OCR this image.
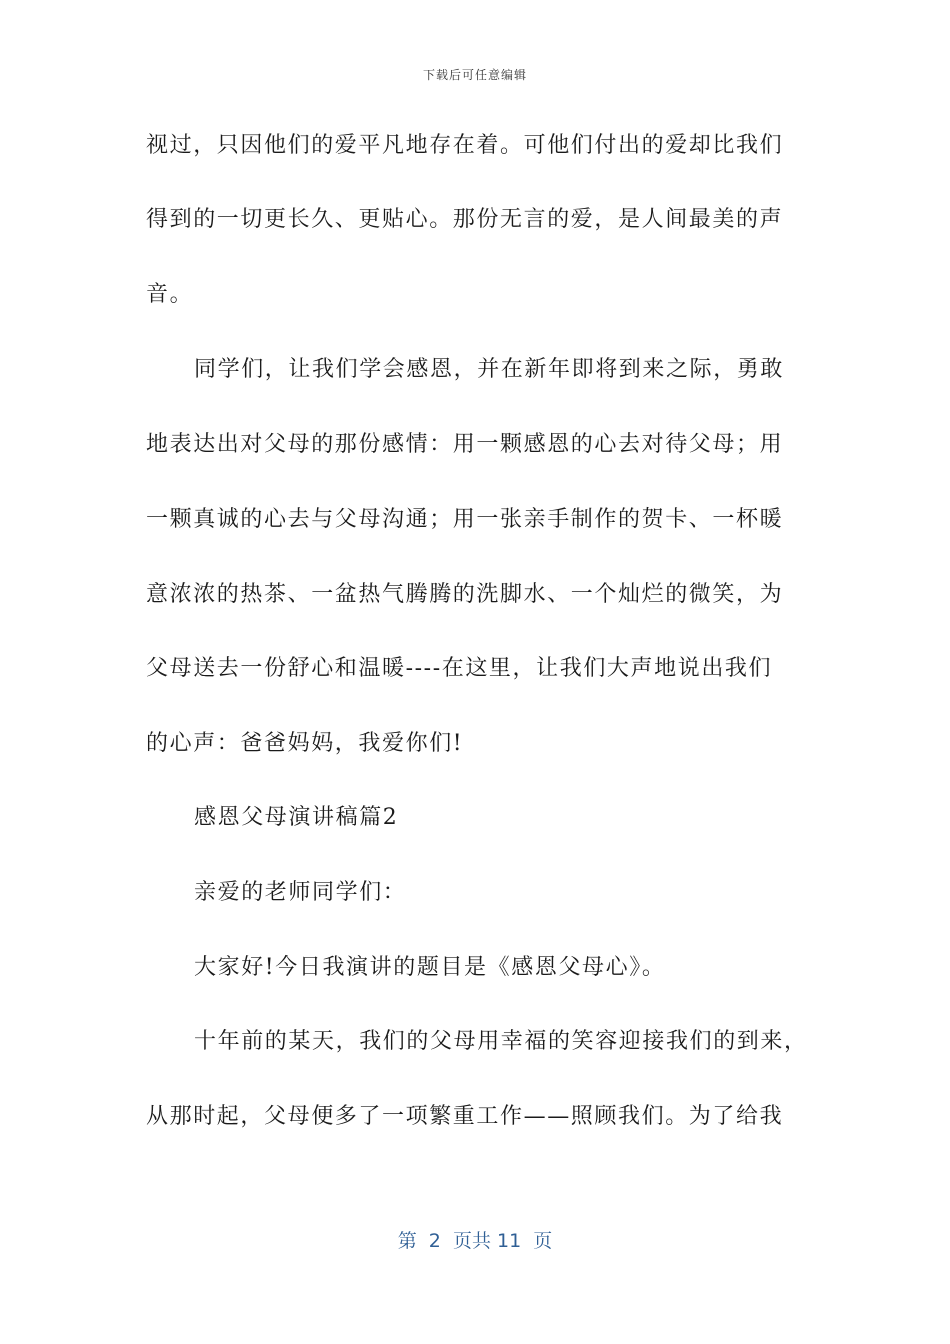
下载后可任意编辑
视过，只因他们的爱平凡地存在着。可他们付出的爱却比我们
得到的一切更长久、更贴心。那份无言的爱，是人间最美的声
音。
同学们，让我们学会感恩，并在新年即将到来之际，勇敢
地表达出对父母的那份感情：用一颗感恩的心去对待父母；用
一颗真诚的心去与父母沟通；用一张亲手制作的贺卡、一杯暖
意浓浓的热茶、一盆热气腾腾的洗脚水、一个灿烂的微笑，为
父母送去一份舒心和温暖----在这里，让我们大声地说出我们
的心声：爸爸妈妈，我爱你们!
感恩父母演讲稿篇2
亲爱的老师同学们：
大家好!今日我演讲的题目是《感恩父母心》。
十年前的某天，我们的父母用幸福的笑容迎接我们的到来，
从那时起，父母便多了一项繁重工作——照顾我们。为了给我
第  2  页共 11  页
